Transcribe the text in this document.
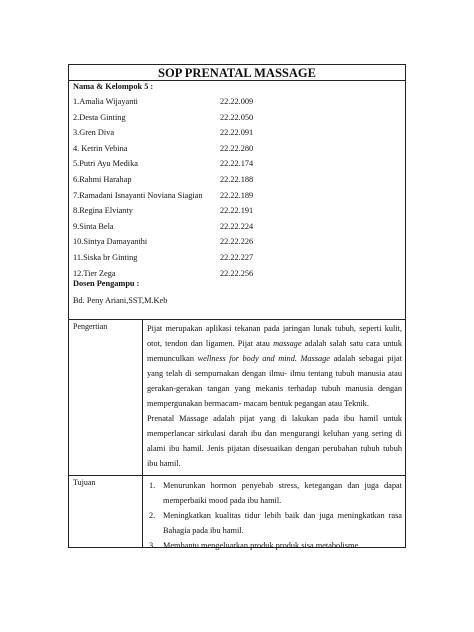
SOP PRENATAL MASSAGE
Nama & Kelompok 5 :
1.Amalia Wijayanti	22.22.009
2.Desta Ginting	22.22.050
3.Gren Diva	22.22.091
4. Ketrin Vebina	22.22.280
5.Putri Ayu Medika	22.22.174
6.Rahmi Harahap	22.22.188
7.Ramadani Isnayanti Noviana Siagian 22.22.189
8.Regina Elvianty	22.22.191
9.Sinta Bela	22.22.224
10.Sintya Damayanthi	22.22.226
11.Siska br Ginting	22.22.227
12.Tier Zega	22.22.256
Dosen Pengampu :
Bd. Peny Ariani,SST,M.Keb
Pengertian	Pijat merupakan aplikasi tekanan pada jaringan lunak tubuh, seperti kulit, otot, tendon dan ligamen. Pijat atau massage adalah salah satu cara untuk memunculkan wellness for body and mind. Massage adalah sebagai pijat yang telah di sempurnakan dengan ilmu- ilmu tentang tubuh manusia atau gerakan-gerakan tangan yang mekanis terhadap tubuh manusia dengan mempergunakan bermacam- macam bentuk pegangan atau Teknik.

Prenatal Massage adalah pijat yang di lakukan pada ibu hamil untuk memperlancar sirkulasi darah ibu dan mengurangi keluhan yang sering di alami ibu hamil. Jenis pijatan disesuaikan dengan perubahan tubuh tubuh ibu hamil.

Tujuan	1. Menurunkan hormon penyebab stress, ketegangan dan juga dapat memperbaiki mood pada ibu hamil.
2. Meningkatkan kualitas tidur lebih baik dan juga meningkatkan rasa Bahagia pada ibu hamil.
3. Membantu mengeluarkan produk produk sisa metabolisme
